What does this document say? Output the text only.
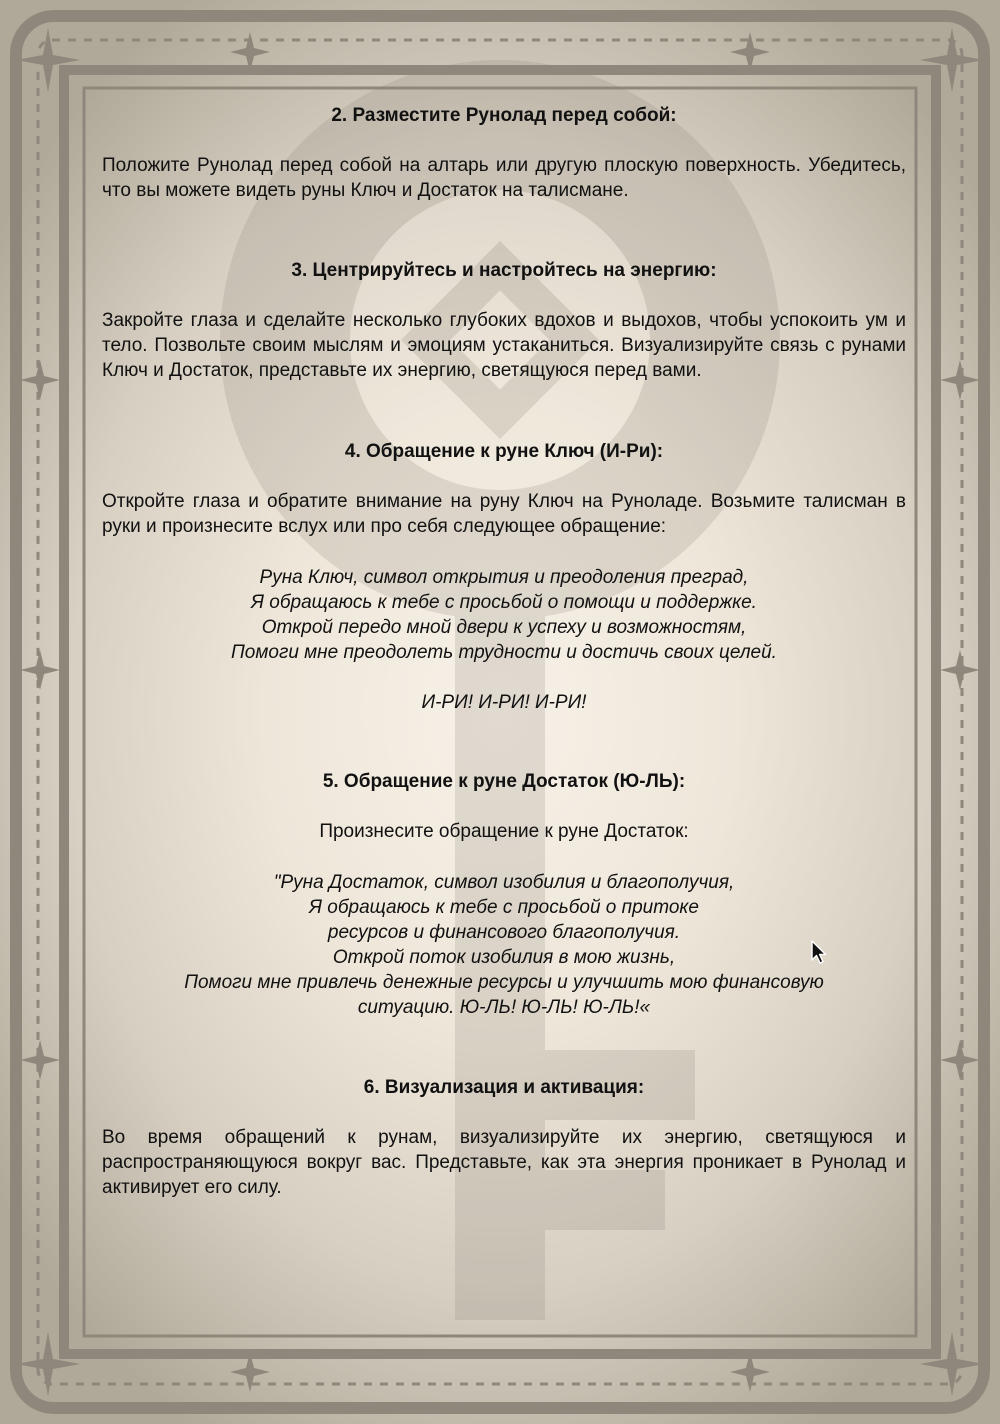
2. Разместите Рунолад перед собой:

Положите Рунолад перед собой на алтарь или другую плоскую поверхность. Убедитесь, что вы можете видеть руны Ключ и Достаток на талисмане.

3. Центрируйтесь и настройтесь на энергию:

Закройте глаза и сделайте несколько глубоких вдохов и выдохов, чтобы успокоить ум и тело. Позвольте своим мыслям и эмоциям устаканиться. Визуализируйте связь с рунами Ключ и Достаток, представьте их энергию, светящуюся перед вами.

4. Обращение к руне Ключ (И-Ри):

Откройте глаза и обратите внимание на руну Ключ на Руноладе. Возьмите талисман в руки и произнесите вслух или про себя следующее обращение:

Руна Ключ, символ открытия и преодоления преград,
Я обращаюсь к тебе с просьбой о помощи и поддержке.
Открой передо мной двери к успеху и возможностям,
Помоги мне преодолеть трудности и достичь своих целей.

И-РИ! И-РИ! И-РИ!

5. Обращение к руне Достаток (Ю-ЛЬ):

Произнесите обращение к руне Достаток:

"Руна Достаток, символ изобилия и благополучия,
Я обращаюсь к тебе с просьбой о притоке
ресурсов и финансового благополучия.
Открой поток изобилия в мою жизнь,
Помоги мне привлечь денежные ресурсы и улучшить мою финансовую
ситуацию. Ю-ЛЬ! Ю-ЛЬ! Ю-ЛЬ!«

6. Визуализация и активация:

Во время обращений к рунам, визуализируйте их энергию, светящуюся и распространяющуюся вокруг вас. Представьте, как эта энергия проникает в Рунолад и активирует его силу.
